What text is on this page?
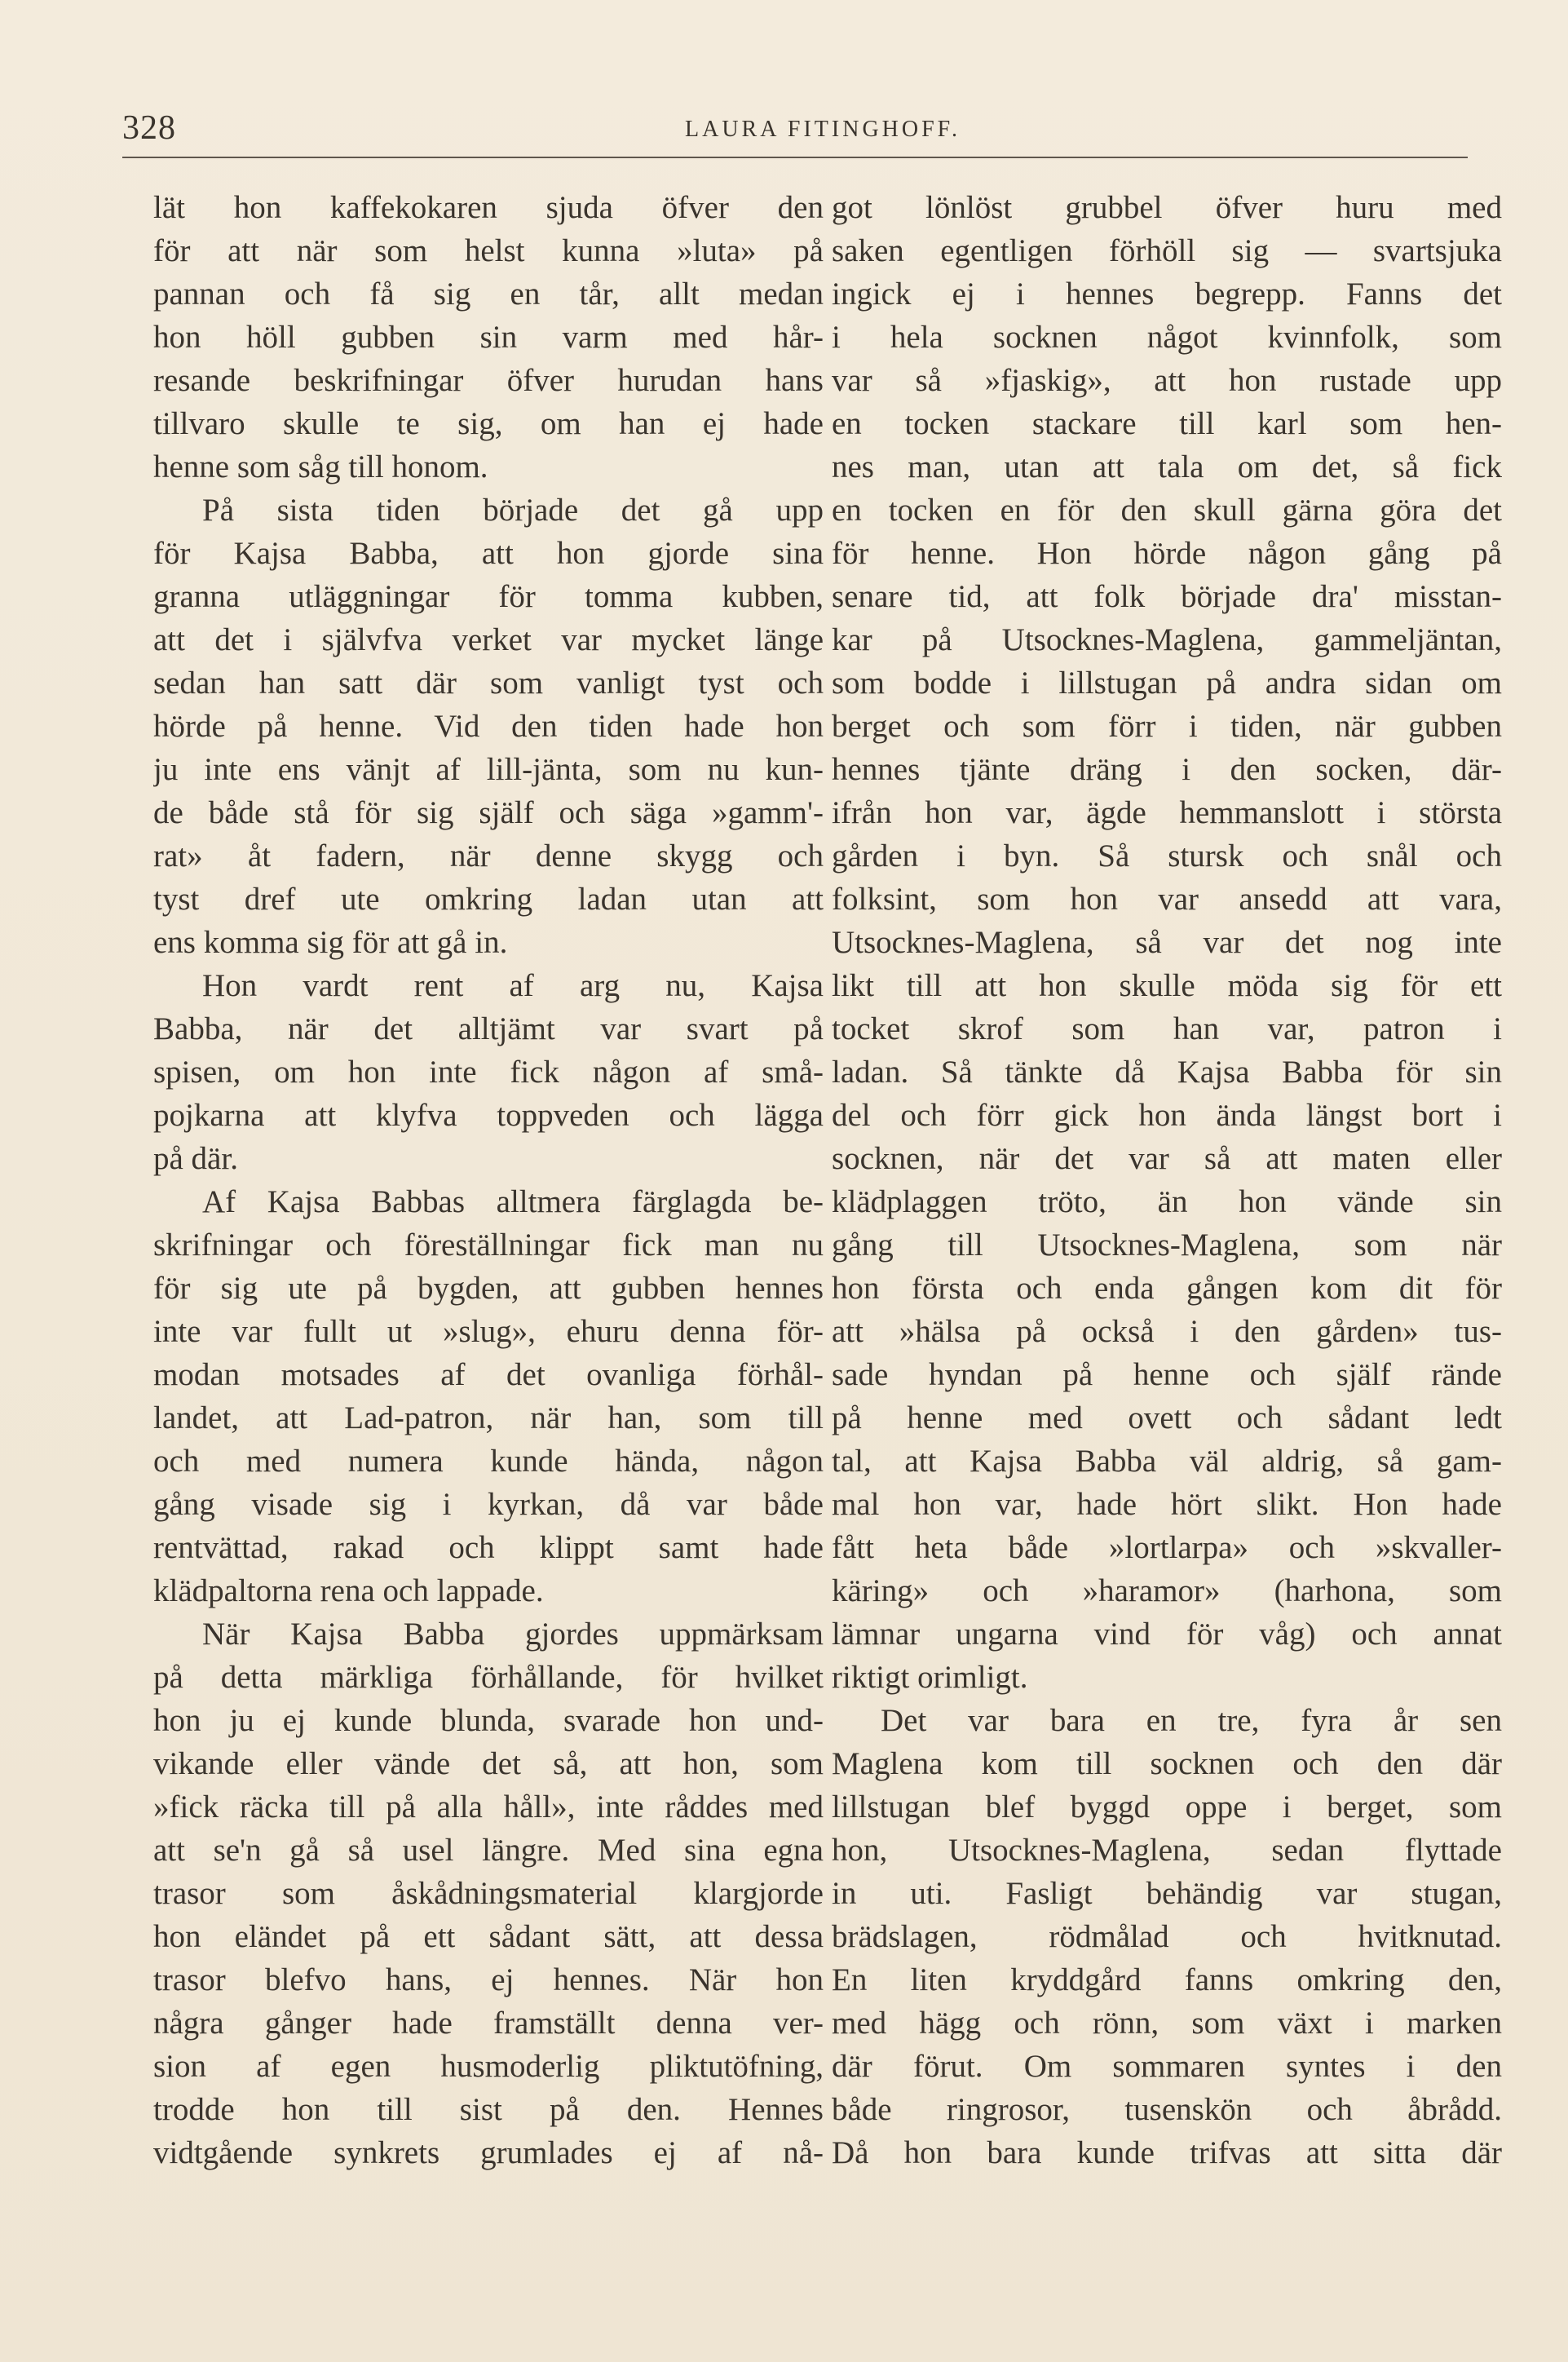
328	LAURA FITINGHOFF.
lät hon kaffekokaren sjuda öfver den
för att när som helst kunna »luta» på
pannan och få sig en tår, allt medan
hon höll gubben sin varm med hår-
resande beskrifningar öfver hurudan hans
tillvaro skulle te sig, om han ej hade
henne som såg till honom.
På sista tiden började det gå upp
för Kajsa Babba, att hon gjorde sina
granna utläggningar för tomma kubben,
att det i självfva verket var mycket länge
sedan han satt där som vanligt tyst och
hörde på henne. Vid den tiden hade hon
ju inte ens vänjt af lill-jänta, som nu kun-
de både stå för sig själf och säga »gamm'-
rat» åt fadern, när denne skygg och
tyst dref ute omkring ladan utan att
ens komma sig för att gå in.
Hon vardt rent af arg nu, Kajsa
Babba, när det alltjämt var svart på
spisen, om hon inte fick någon af små-
pojkarna att klyfva toppveden och lägga
på där.
Af Kajsa Babbas alltmera färglagda be-
skrifningar och föreställningar fick man nu
för sig ute på bygden, att gubben hennes
inte var fullt ut »slug», ehuru denna för-
modan motsades af det ovanliga förhål-
landet, att Lad-patron, när han, som till
och med numera kunde hända, någon
gång visade sig i kyrkan, då var både
rentvättad, rakad och klippt samt hade
klädpaltorna rena och lappade.
När Kajsa Babba gjordes uppmärksam
på detta märkliga förhållande, för hvilket
hon ju ej kunde blunda, svarade hon und-
vikande eller vände det så, att hon, som
»fick räcka till på alla håll», inte råddes med
att se'n gå så usel längre. Med sina egna
trasor som åskådningsmaterial klargjorde
hon eländet på ett sådant sätt, att dessa
trasor blefvo hans, ej hennes. När hon
några gånger hade framställt denna ver-
sion af egen husmoderlig pliktutöfning,
trodde hon till sist på den. Hennes
vidtgående synkrets grumlades ej af nå-
got lönlöst grubbel öfver huru med
saken egentligen förhöll sig — svartsjuka
ingick ej i hennes begrepp. Fanns det
i hela socknen något kvinnfolk, som
var så »fjaskig», att hon rustade upp
en tocken stackare till karl som hen-
nes man, utan att tala om det, så fick
en tocken en för den skull gärna göra det
för henne. Hon hörde någon gång på
senare tid, att folk började dra' misstan-
kar på Utsocknes-Maglena, gammeljäntan,
som bodde i lillstugan på andra sidan om
berget och som förr i tiden, när gubben
hennes tjänte dräng i den socken, där-
ifrån hon var, ägde hemmanslott i största
gården i byn. Så stursk och snål och
folksint, som hon var ansedd att vara,
Utsocknes-Maglena, så var det nog inte
likt till att hon skulle möda sig för ett
tocket skrof som han var, patron i
ladan. Så tänkte då Kajsa Babba för sin
del och förr gick hon ända längst bort i
socknen, när det var så att maten eller
klädplaggen tröto, än hon vände sin
gång till Utsocknes-Maglena, som när
hon första och enda gången kom dit för
att »hälsa på också i den gården» tus-
sade hyndan på henne och själf rände
på henne med ovett och sådant ledt
tal, att Kajsa Babba väl aldrig, så gam-
mal hon var, hade hört slikt. Hon hade
fått heta både »lortlarpa» och »skvaller-
käring» och »haramor» (harhona, som
lämnar ungarna vind för våg) och annat
riktigt orimligt.
Det var bara en tre, fyra år sen
Maglena kom till socknen och den där
lillstugan blef byggd oppe i berget, som
hon, Utsocknes-Maglena, sedan flyttade
in uti. Fasligt behändig var stugan,
brädslagen, rödmålad och hvitknutad.
En liten kryddgård fanns omkring den,
med hägg och rönn, som växt i marken
där förut. Om sommaren syntes i den
både ringrosor, tusenskön och åbrådd.
Då hon bara kunde trifvas att sitta där
